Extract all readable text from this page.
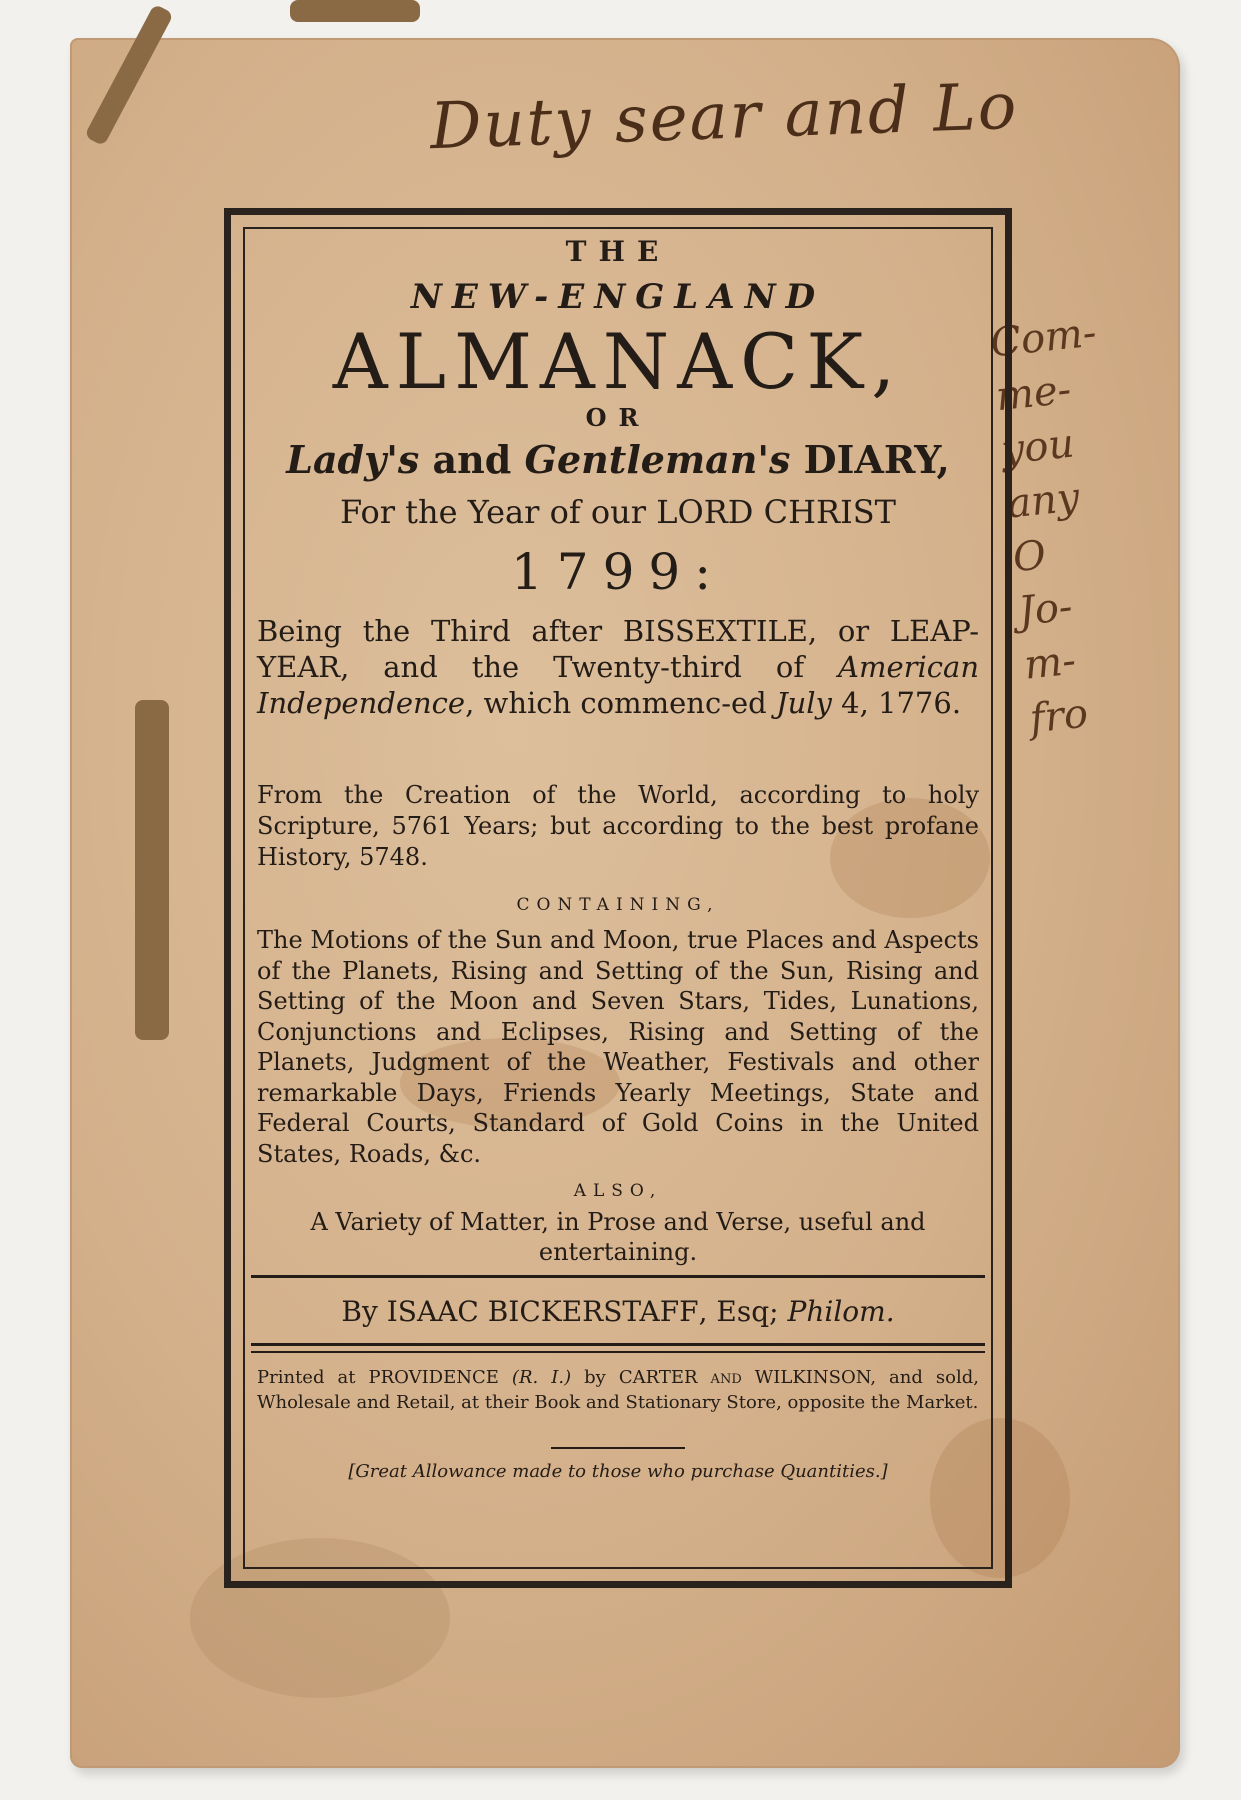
Duty sear and Lo
Com-
me-
you
any
O
Jo-
m-
fro
THE
NEW-ENGLAND
ALMANACK,
OR
Lady's and Gentleman's DIARY,
For the Year of our LORD CHRIST
1799:
Being the Third after BISSEXTILE, or LEAP-YEAR, and the Twenty-third of American Independence, which commenc-ed July 4, 1776.
From the Creation of the World, according to holy Scripture, 5761 Years; but according to the best profane History, 5748.
CONTAINING,
The Motions of the Sun and Moon, true Places and Aspects of the Planets, Rising and Setting of the Sun, Rising and Setting of the Moon and Seven Stars, Tides, Lunations, Conjunctions and Eclipses, Rising and Setting of the Planets, Judgment of the Weather, Festivals and other remarkable Days, Friends Yearly Meetings, State and Federal Courts, Standard of Gold Coins in the United States, Roads, &c.
ALSO,
A Variety of Matter, in Prose and Verse, useful and entertaining.
By ISAAC BICKERSTAFF, Esq; Philom.
Printed at PROVIDENCE (R. I.) by CARTER and WILKINSON, and sold, Wholesale and Retail, at their Book and Stationary Store, opposite the Market.
[Great Allowance made to those who purchase Quantities.]
